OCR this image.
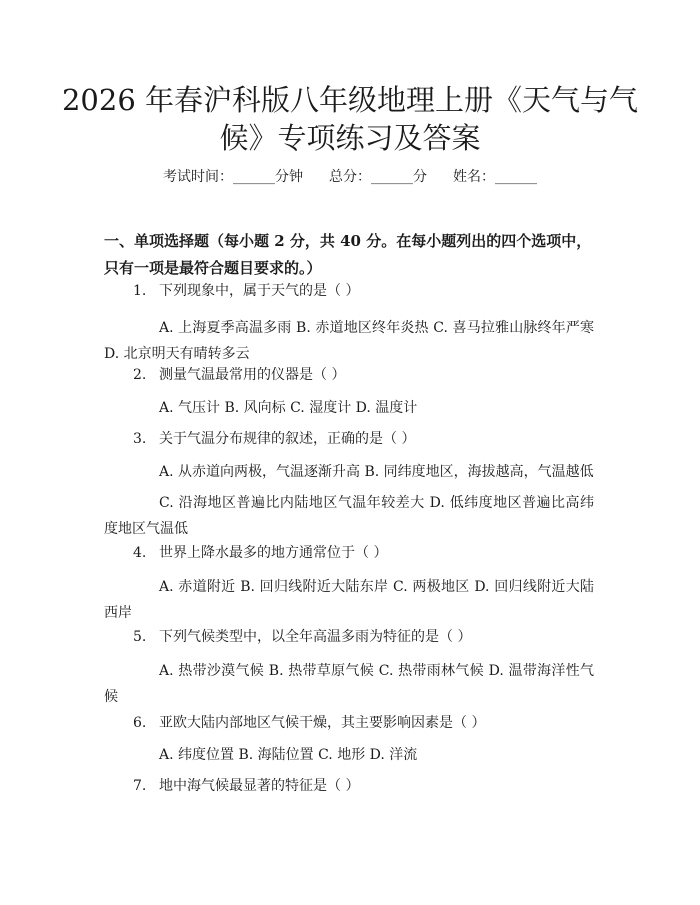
2026 年春沪科版八年级地理上册《天气与气
候》专项练习及答案
考试时间：______分钟 总分：______分 姓名：______

一、单项选择题（每小题 2 分，共 40 分。在每小题列出的四个选项中，只有一项是最符合题目要求的。）

1. 下列现象中，属于天气的是（ ）

A. 上海夏季高温多雨 B. 赤道地区终年炎热 C. 喜马拉雅山脉终年严寒 D. 北京明天有晴转多云

2. 测量气温最常用的仪器是（ ）

A. 气压计 B. 风向标 C. 湿度计 D. 温度计

3. 关于气温分布规律的叙述，正确的是（ ）

A. 从赤道向两极，气温逐渐升高 B. 同纬度地区，海拔越高，气温越低

C. 沿海地区普遍比内陆地区气温年较差大 D. 低纬度地区普遍比高纬度地区气温低

4. 世界上降水最多的地方通常位于（ ）

A. 赤道附近 B. 回归线附近大陆东岸 C. 两极地区 D. 回归线附近大陆西岸

5. 下列气候类型中，以全年高温多雨为特征的是（ ）

A. 热带沙漠气候 B. 热带草原气候 C. 热带雨林气候 D. 温带海洋性气候

6. 亚欧大陆内部地区气候干燥，其主要影响因素是（ ）

A. 纬度位置 B. 海陆位置 C. 地形 D. 洋流

7. 地中海气候最显著的特征是（ ）
